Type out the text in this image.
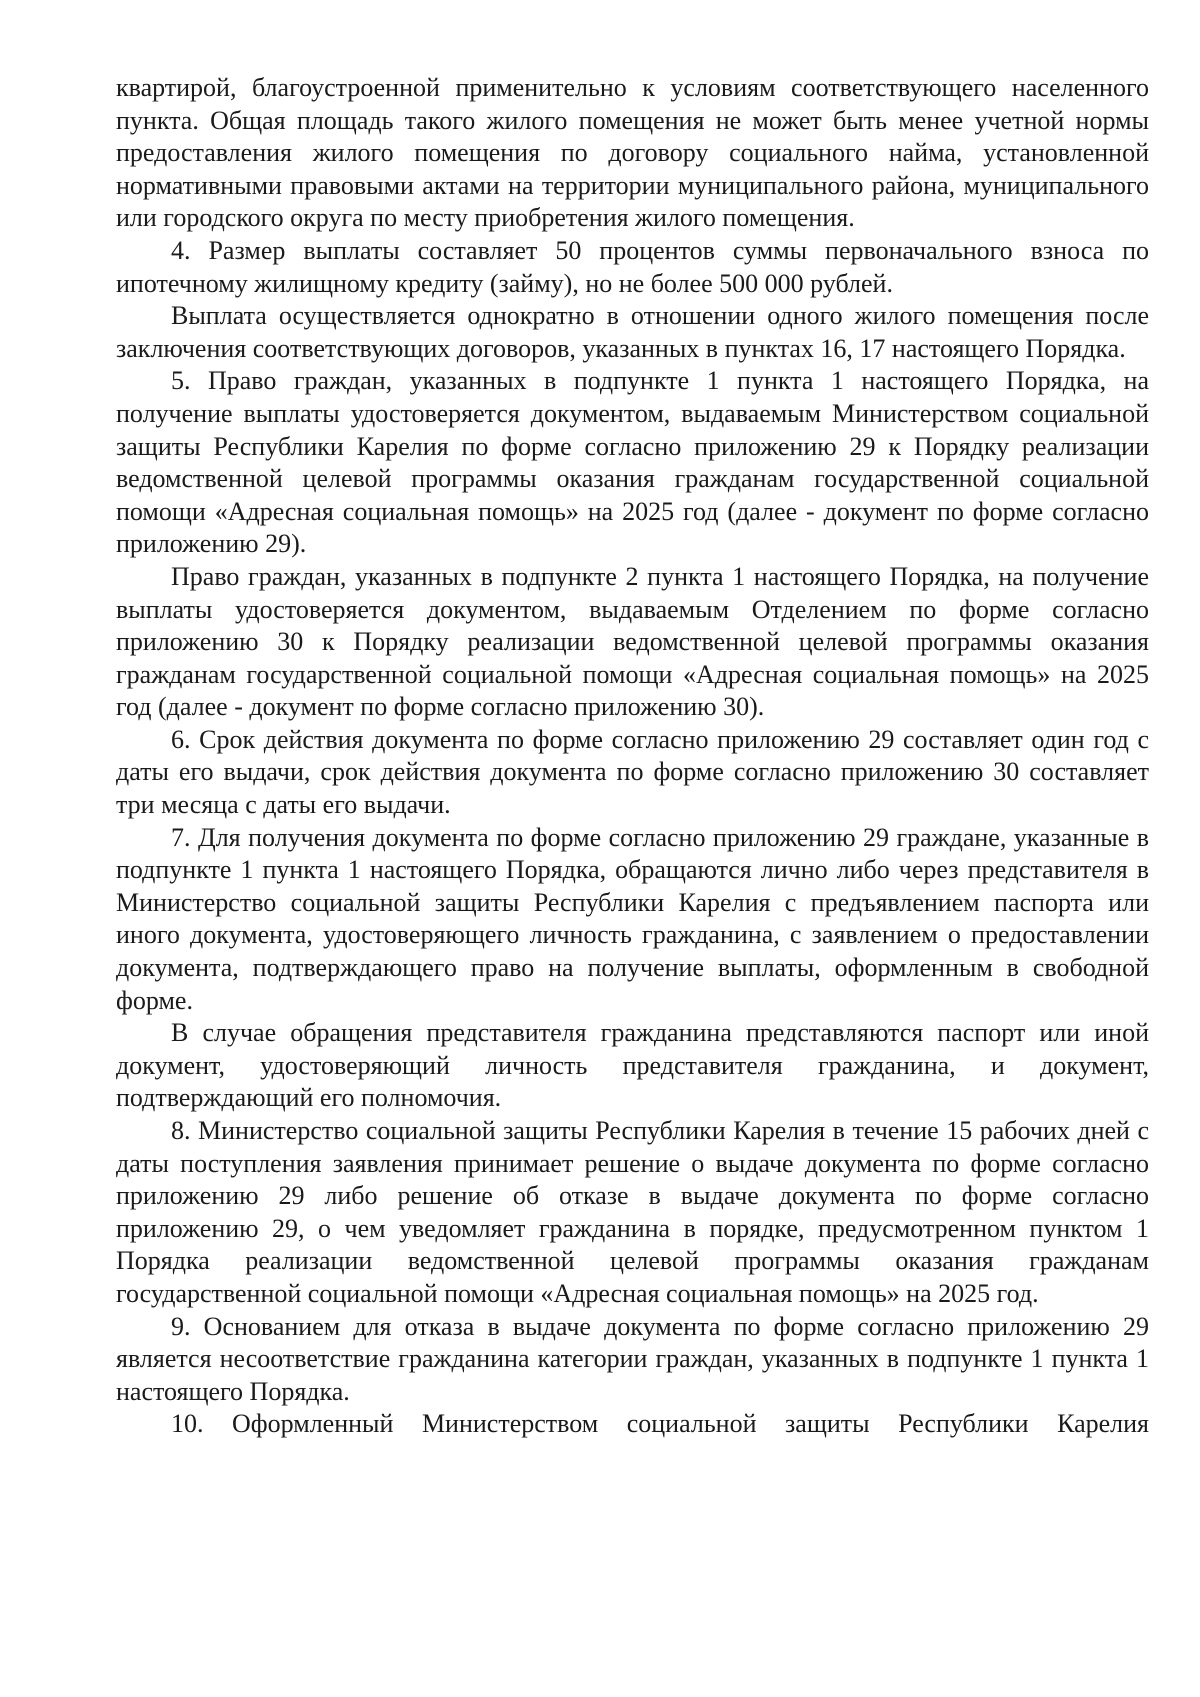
квартирой, благоустроенной применительно к условиям соответствующего населенного пункта. Общая площадь такого жилого помещения не может быть менее учетной нормы предоставления жилого помещения по договору социального найма, установленной нормативными правовыми актами на территории муниципального района, муниципального или городского округа по месту приобретения жилого помещения.

4. Размер выплаты составляет 50 процентов суммы первоначального взноса по ипотечному жилищному кредиту (займу), но не более 500 000 рублей.

Выплата осуществляется однократно в отношении одного жилого помещения после заключения соответствующих договоров, указанных в пунктах 16, 17 настоящего Порядка.

5. Право граждан, указанных в подпункте 1 пункта 1 настоящего Порядка, на получение выплаты удостоверяется документом, выдаваемым Министерством социальной защиты Республики Карелия по форме согласно приложению 29 к Порядку реализации ведомственной целевой программы оказания гражданам государственной социальной помощи «Адресная социальная помощь» на 2025 год (далее - документ по форме согласно приложению 29).

Право граждан, указанных в подпункте 2 пункта 1 настоящего Порядка, на получение выплаты удостоверяется документом, выдаваемым Отделением по форме согласно приложению 30 к Порядку реализации ведомственной целевой программы оказания гражданам государственной социальной помощи «Адресная социальная помощь» на 2025 год (далее - документ по форме согласно приложению 30).

6. Срок действия документа по форме согласно приложению 29 составляет один год с даты его выдачи, срок действия документа по форме согласно приложению 30 составляет три месяца с даты его выдачи.

7. Для получения документа по форме согласно приложению 29 граждане, указанные в подпункте 1 пункта 1 настоящего Порядка, обращаются лично либо через представителя в Министерство социальной защиты Республики Карелия с предъявлением паспорта или иного документа, удостоверяющего личность гражданина, с заявлением о предоставлении документа, подтверждающего право на получение выплаты, оформленным в свободной форме.

В случае обращения представителя гражданина представляются паспорт или иной документ, удостоверяющий личность представителя гражданина, и документ, подтверждающий его полномочия.

8. Министерство социальной защиты Республики Карелия в течение 15 рабочих дней с даты поступления заявления принимает решение о выдаче документа по форме согласно приложению 29 либо решение об отказе в выдаче документа по форме согласно приложению 29, о чем уведомляет гражданина в порядке, предусмотренном пунктом 1 Порядка реализации ведомственной целевой программы оказания гражданам государственной социальной помощи «Адресная социальная помощь» на 2025 год.

9. Основанием для отказа в выдаче документа по форме согласно приложению 29 является несоответствие гражданина категории граждан, указанных в подпункте 1 пункта 1 настоящего Порядка.

10. Оформленный Министерством социальной защиты Республики Карелия
